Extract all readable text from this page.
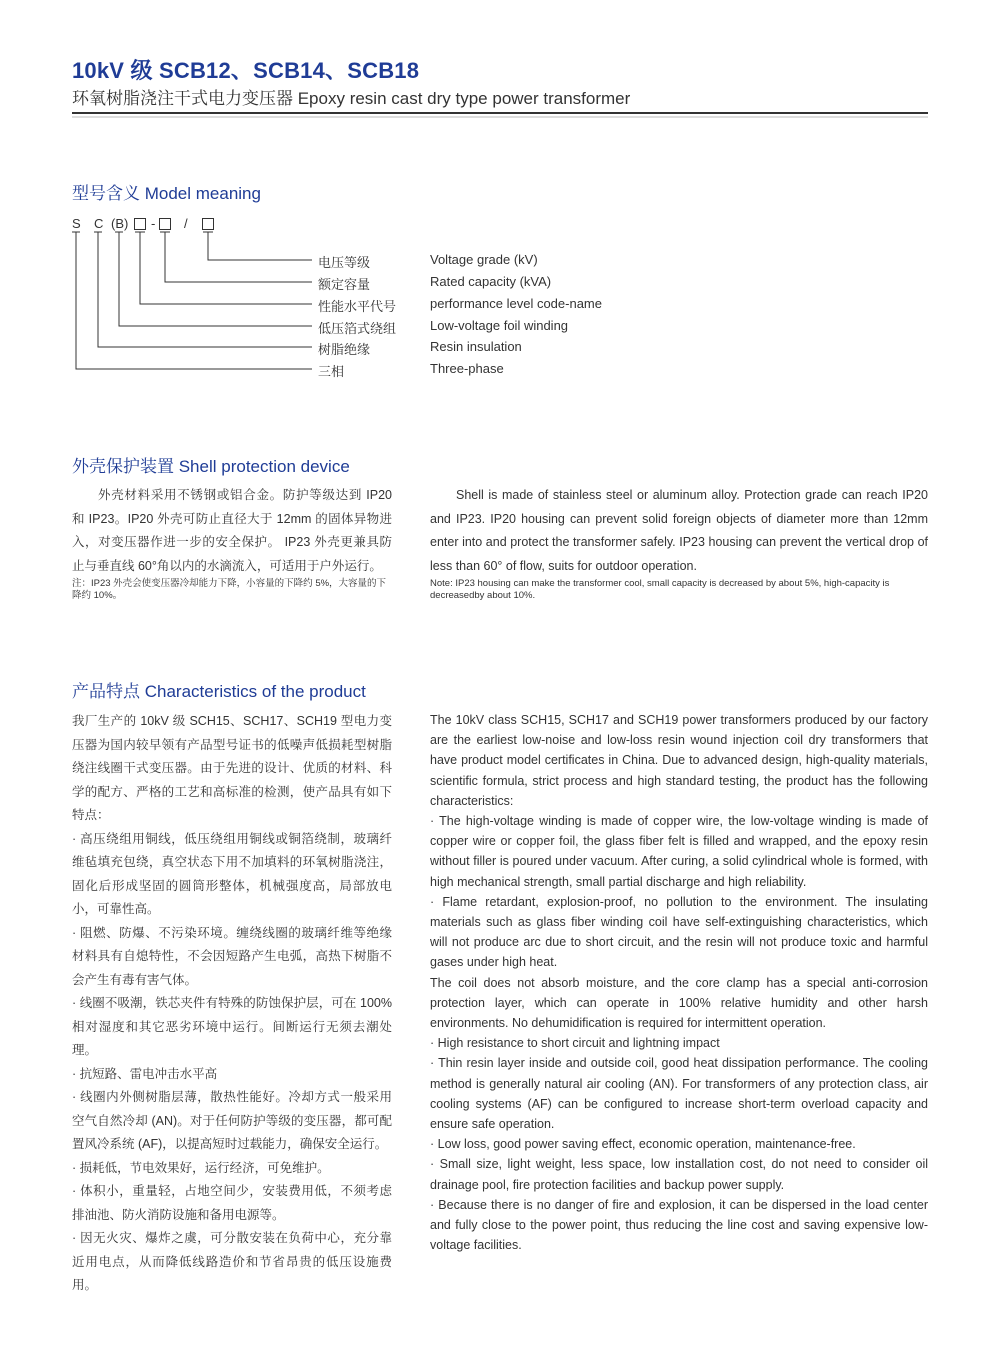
10kV 级 SCB12、SCB14、SCB18
环氧树脂浇注干式电力变压器 Epoxy resin cast dry type power transformer
型号含义 Model meaning
S C (B) - /
电压等级
额定容量
性能水平代号
低压箔式绕组
树脂绝缘
三相
Voltage grade (kV)
Rated capacity (kVA)
performance level code-name
Low-voltage foil winding
Resin insulation
Three-phase
外壳保护装置 Shell protection device
外壳材料采用不锈钢或铝合金。防护等级达到 IP20 和 IP23。IP20 外壳可防止直径大于 12mm 的固体异物进入，对变压器作进一步的安全保护。 IP23 外壳更兼具防止与垂直线 60°角以内的水滴流入，可适用于户外运行。
注：IP23 外壳会使变压器冷却能力下降，小容量的下降约 5%，大容量的下降约 10%。
Shell is made of stainless steel or aluminum alloy. Protection grade can reach IP20 and IP23. IP20 housing can prevent solid foreign objects of diameter more than 12mm enter into and protect the transformer safely. IP23 housing can prevent the vertical drop of less than 60° of flow, suits for outdoor operation.
Note: IP23 housing can make the transformer cool, small capacity is decreased by about 5%, high-capacity is decreasedby about 10%.
产品特点 Characteristics of the product

我厂生产的 10kV 级 SCH15、SCH17、SCH19 型电力变压器为国内较早领有产品型号证书的低噪声低损耗型树脂绕注线圈干式变压器。由于先进的设计、优质的材料、科学的配方、严格的工艺和高标准的检测，使产品具有如下特点：

· 高压绕组用铜线，低压绕组用铜线或铜箔绕制，玻璃纤维毡填充包绕，真空状态下用不加填料的环氧树脂浇注，固化后形成坚固的圆筒形整体，机械强度高，局部放电小，可靠性高。

· 阻燃、防爆、不污染环境。缠绕线圈的玻璃纤维等绝缘材料具有自熄特性，不会因短路产生电弧，高热下树脂不会产生有毒有害气体。

· 线圈不吸潮，铁芯夹件有特殊的防蚀保护层，可在 100% 相对湿度和其它恶劣环境中运行。间断运行无须去潮处理。

· 抗短路、雷电冲击水平高

· 线圈内外侧树脂层薄，散热性能好。冷却方式一般采用空气自然冷却 (AN)。对于任何防护等级的变压器，都可配置风冷系统 (AF)，以提高短时过载能力，确保安全运行。

· 损耗低，节电效果好，运行经济，可免维护。

· 体积小，重量轻，占地空间少，安装费用低，不须考虑排油池、防火消防设施和备用电源等。

· 因无火灾、爆炸之虞，可分散安装在负荷中心，充分靠近用电点，从而降低线路造价和节省昂贵的低压设施费用。

The 10kV class SCH15, SCH17 and SCH19 power transformers produced by our factory are the earliest low-noise and low-loss resin wound injection coil dry transformers that have product model certificates in China. Due to advanced design, high-quality materials, scientific formula, strict process and high standard testing, the product has the following characteristics:

· The high-voltage winding is made of copper wire, the low-voltage winding is made of copper wire or copper foil, the glass fiber felt is filled and wrapped, and the epoxy resin without filler is poured under vacuum. After curing, a solid cylindrical whole is formed, with high mechanical strength, small partial discharge and high reliability.

· Flame retardant, explosion-proof, no pollution to the environment. The insulating materials such as glass fiber winding coil have self-extinguishing characteristics, which will not produce arc due to short circuit, and the resin will not produce toxic and harmful gases under high heat.

The coil does not absorb moisture, and the core clamp has a special anti-corrosion protection layer, which can operate in 100% relative humidity and other harsh environments. No dehumidification is required for intermittent operation.

· High resistance to short circuit and lightning impact

· Thin resin layer inside and outside coil, good heat dissipation performance. The cooling method is generally natural air cooling (AN). For transformers of any protection class, air cooling systems (AF) can be configured to increase short-term overload capacity and ensure safe operation.

· Low loss, good power saving effect, economic operation, maintenance-free.

· Small size, light weight, less space, low installation cost, do not need to consider oil drainage pool, fire protection facilities and backup power supply.

· Because there is no danger of fire and explosion, it can be dispersed in the load center and fully close to the power point, thus reducing the line cost and saving expensive low-voltage facilities.
